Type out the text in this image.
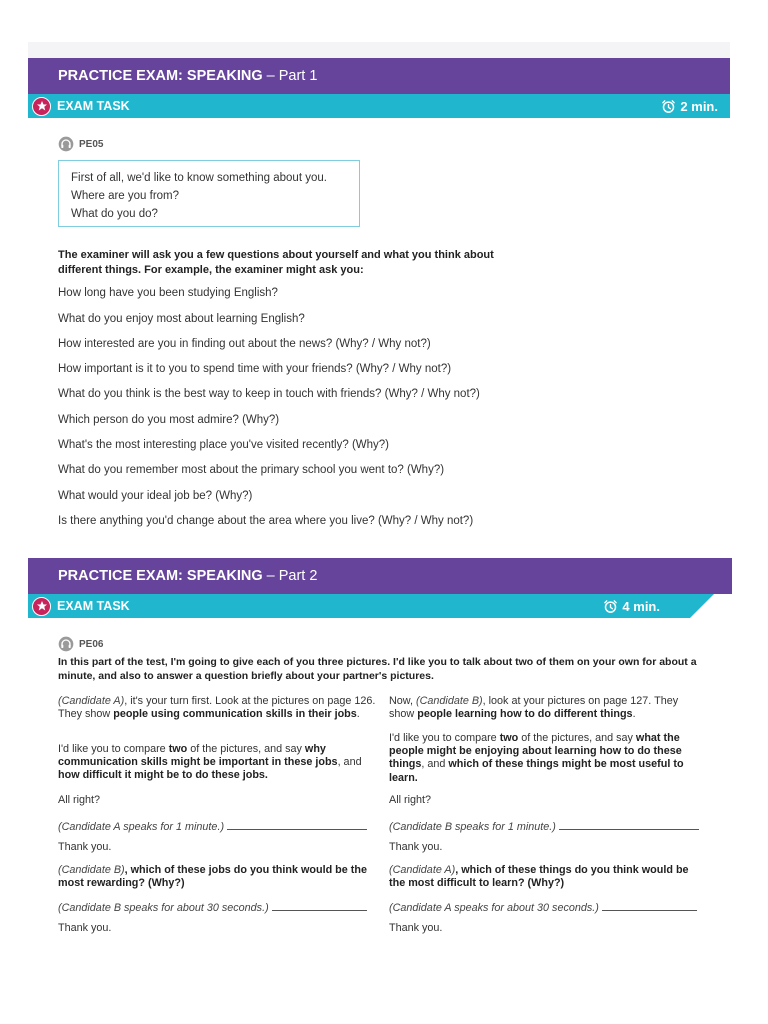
PRACTICE EXAM: SPEAKING – Part 1
EXAM TASK	2 min.
PE05
First of all, we'd like to know something about you.
Where are you from?
What do you do?
The examiner will ask you a few questions about yourself and what you think about different things. For example, the examiner might ask you:
How long have you been studying English?
What do you enjoy most about learning English?
How interested are you in finding out about the news? (Why? / Why not?)
How important is it to you to spend time with your friends? (Why? / Why not?)
What do you think is the best way to keep in touch with friends? (Why? / Why not?)
Which person do you most admire? (Why?)
What's the most interesting place you've visited recently? (Why?)
What do you remember most about the primary school you went to? (Why?)
What would your ideal job be? (Why?)
Is there anything you'd change about the area where you live? (Why? / Why not?)
PRACTICE EXAM: SPEAKING – Part 2
EXAM TASK	4 min.
PE06
In this part of the test, I'm going to give each of you three pictures. I'd like you to talk about two of them on your own for about a minute, and also to answer a question briefly about your partner's pictures.
(Candidate A), it's your turn first. Look at the pictures on page 126. They show people using communication skills in their jobs.
I'd like you to compare two of the pictures, and say why communication skills might be important in these jobs, and how difficult it might be to do these jobs.
All right?
(Candidate A speaks for 1 minute.)
Thank you.
(Candidate B), which of these jobs do you think would be the most rewarding? (Why?)
(Candidate B speaks for about 30 seconds.)
Thank you.
Now, (Candidate B), look at your pictures on page 127. They show people learning how to do different things.
I'd like you to compare two of the pictures, and say what the people might be enjoying about learning how to do these things, and which of these things might be most useful to learn.
All right?
(Candidate B speaks for 1 minute.)
Thank you.
(Candidate A), which of these things do you think would be the most difficult to learn? (Why?)
(Candidate A speaks for about 30 seconds.)
Thank you.
